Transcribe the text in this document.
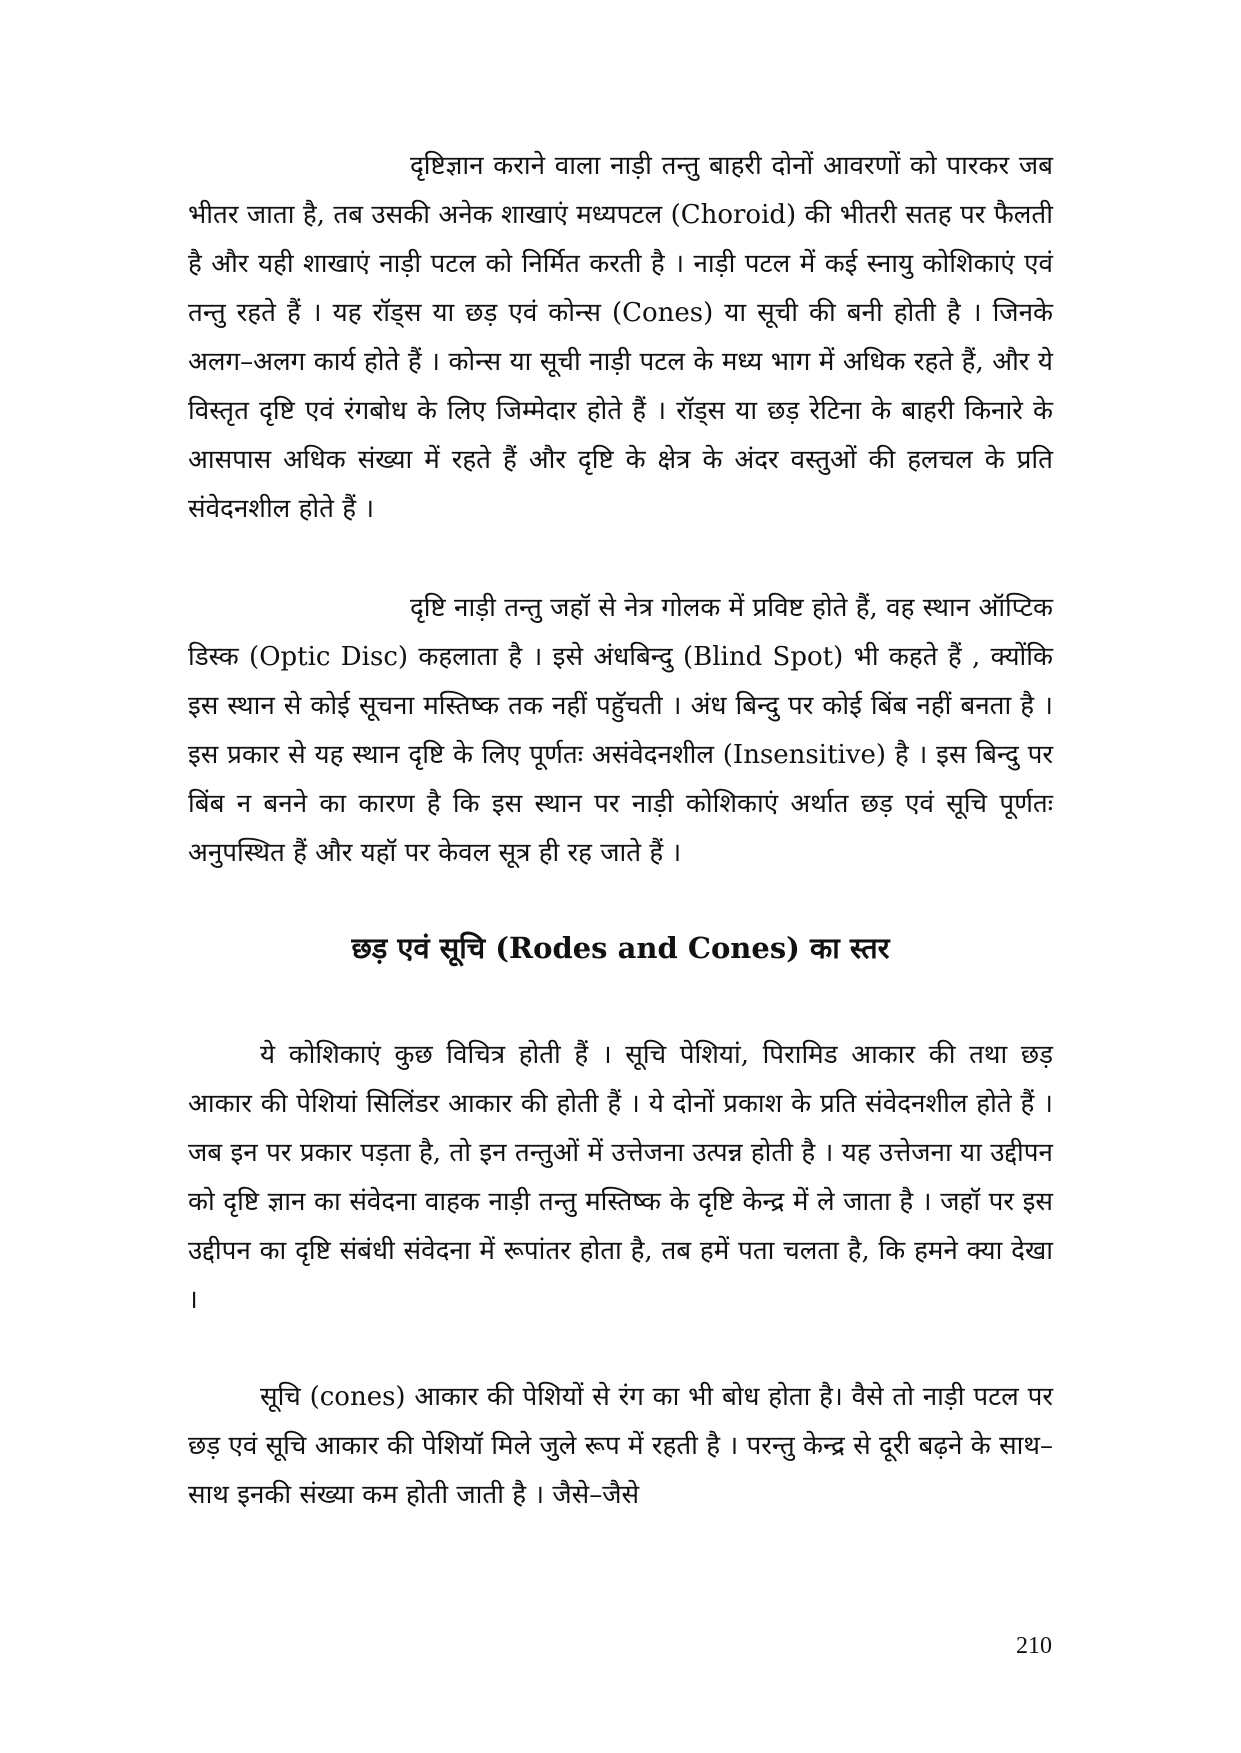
दृष्टिज्ञान कराने वाला नाड़ी तन्तु बाहरी दोनों आवरणों को पारकर जब भीतर जाता है, तब उसकी अनेक शाखाएं मध्यपटल (Choroid) की भीतरी सतह पर फैलती है और यही शाखाएं नाड़ी पटल को निर्मित करती है । नाड़ी पटल में कई स्नायु कोशिकाएं एवं तन्तु रहते हैं । यह रॉड्स या छड़ एवं कोन्स (Cones) या सूची की बनी होती है । जिनके अलग–अलग कार्य होते हैं । कोन्स या सूची नाड़ी पटल के मध्य भाग में अधिक रहते हैं, और ये विस्तृत दृष्टि एवं रंगबोध के लिए जिम्मेदार होते हैं । रॉड्स या छड़ रेटिना के बाहरी किनारे के आसपास अधिक संख्या में रहते हैं और दृष्टि के क्षेत्र के अंदर वस्तुओं की हलचल के प्रति संवेदनशील होते हैं ।

दृष्टि नाड़ी तन्तु जहॉ से नेत्र गोलक में प्रविष्ट होते हैं, वह स्थान ऑप्टिक डिस्क (Optic Disc) कहलाता है । इसे अंधबिन्दु (Blind Spot) भी कहते हैं , क्योंकि इस स्थान से कोई सूचना मस्तिष्क तक नहीं पहुॅचती । अंध बिन्दु पर कोई बिंब नहीं बनता है । इस प्रकार से यह स्थान दृष्टि के लिए पूर्णतः असंवेदनशील (Insensitive) है । इस बिन्दु पर बिंब न बनने का कारण है कि इस स्थान पर नाड़ी कोशिकाएं अर्थात छड़ एवं सूचि पूर्णतः अनुपस्थित हैं और यहॉ पर केवल सूत्र ही रह जाते हैं ।

छड़ एवं सूचि (Rodes and Cones) का स्तर

ये कोशिकाएं कुछ विचित्र होती हैं । सूचि पेशियां, पिरामिड आकार की तथा छड़ आकार की पेशियां सिलिंडर आकार की होती हैं । ये दोनों प्रकाश के प्रति संवेदनशील होते हैं । जब इन पर प्रकार पड़ता है, तो इन तन्तुओं में उत्तेजना उत्पन्न होती है । यह उत्तेजना या उद्दीपन को दृष्टि ज्ञान का संवेदना वाहक नाड़ी तन्तु मस्तिष्क के दृष्टि केन्द्र में ले जाता है । जहॉ पर इस उद्दीपन का दृष्टि संबंधी संवेदना में रूपांतर होता है, तब हमें पता चलता है, कि हमने क्या देखा ।

सूचि (cones) आकार की पेशियों से रंग का भी बोध होता है। वैसे तो नाड़ी पटल पर छड़ एवं सूचि आकार की पेशियॉ मिले जुले रूप में रहती है । परन्तु केन्द्र से दूरी बढ़ने के साथ–साथ इनकी संख्या कम होती जाती है । जैसे–जैसे

210
